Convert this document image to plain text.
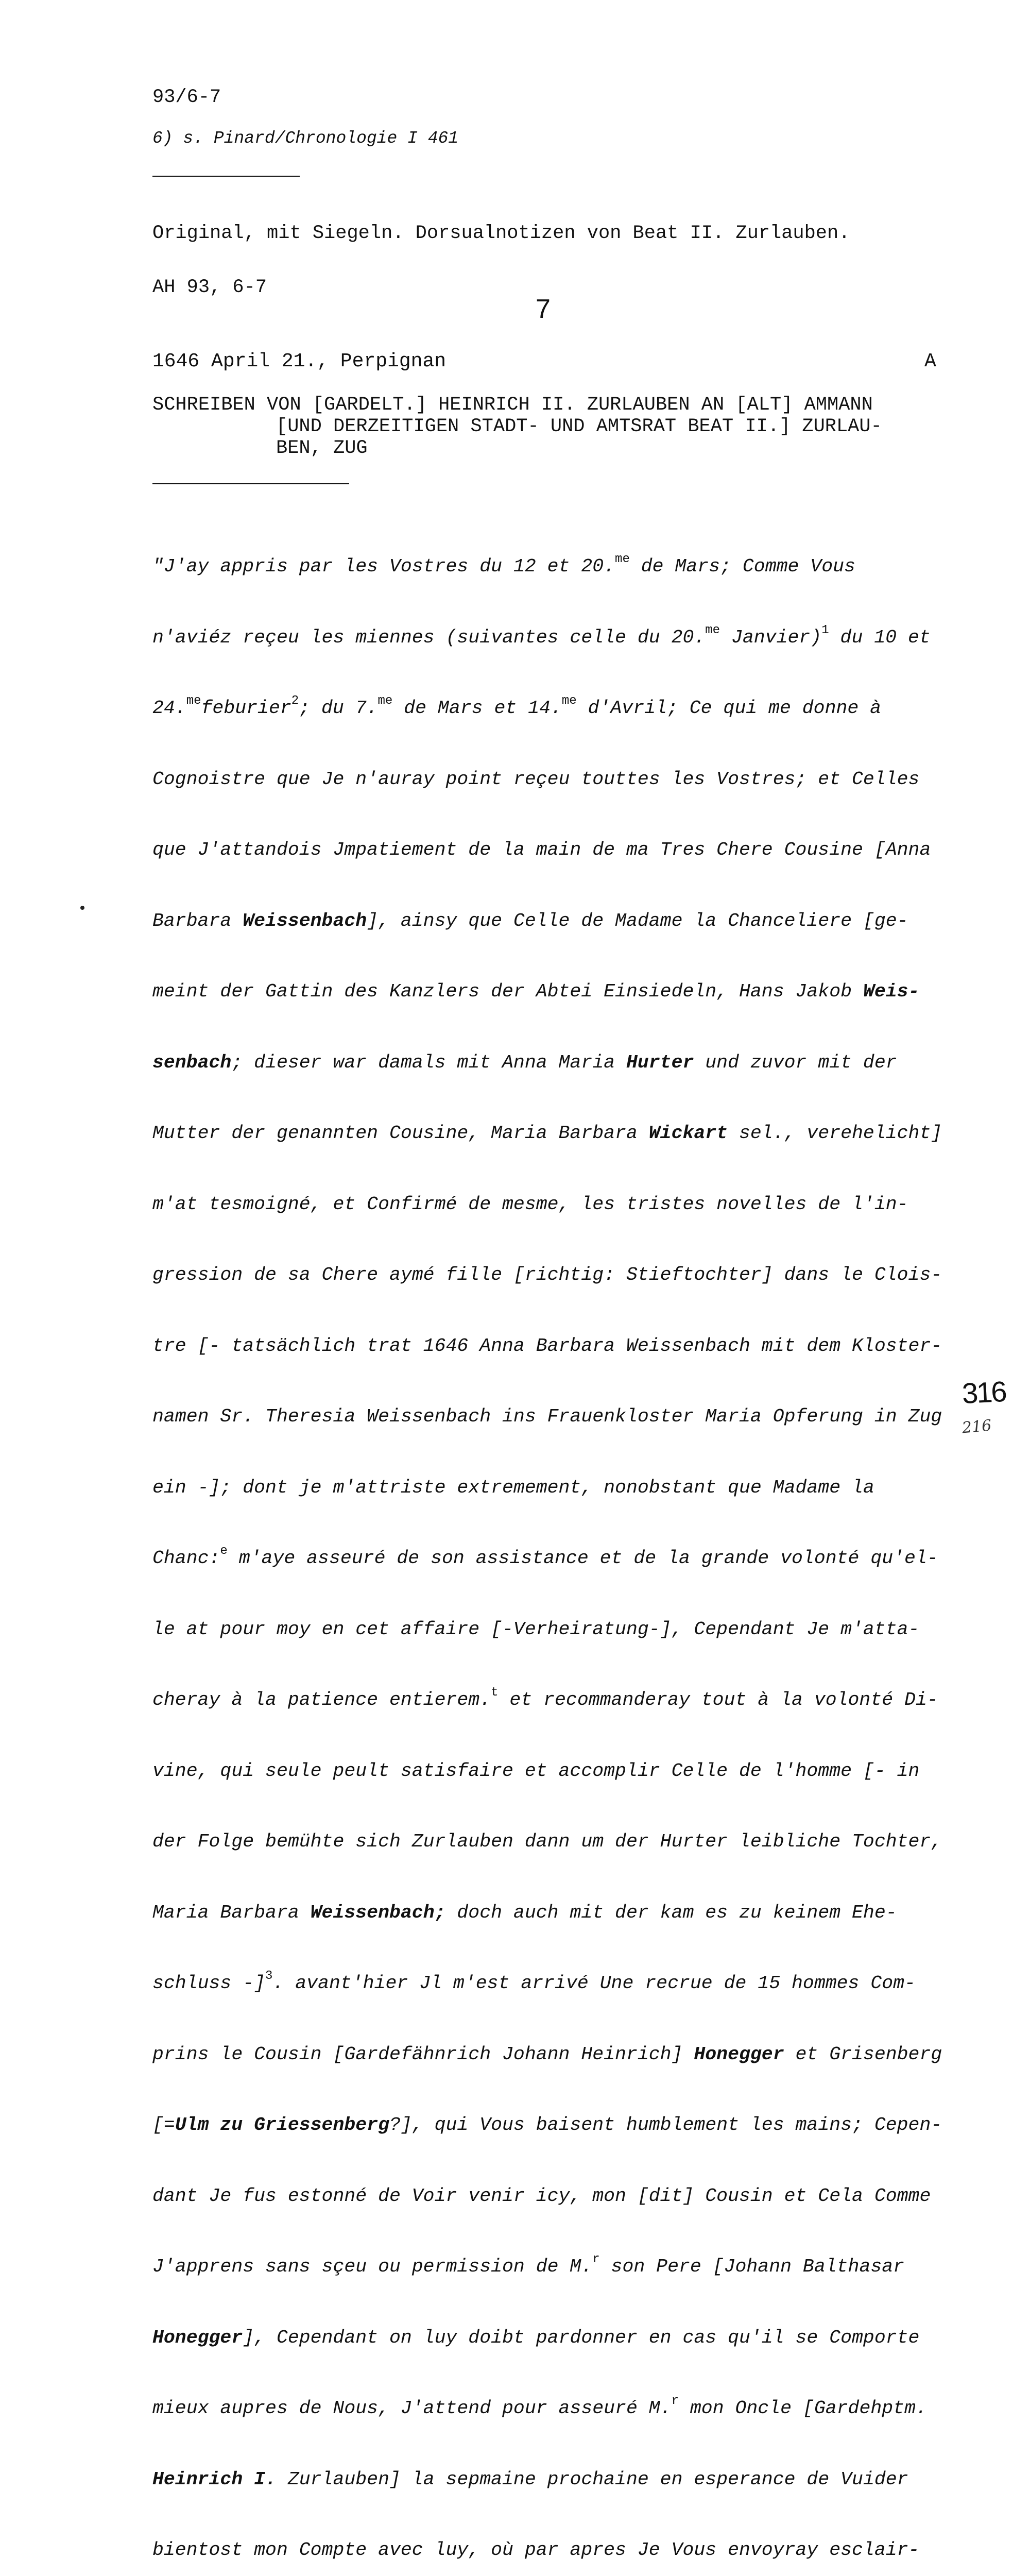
93/6-7
6) s. Pinard/Chronologie I 461

Original, mit Siegeln. Dorsualnotizen von Beat II. Zurlauben.

AH 93, 6-7

7
1646 April 21., Perpignan	A
SCHREIBEN VON [GARDELT.] HEINRICH II. ZURLAUBEN AN [ALT] AMMANN
[UND DERZEITIGEN STADT- UND AMTSRAT BEAT II.] ZURLAU-
BEN, ZUG

"J'ay appris par les Vostres du 12 et 20.$^{me}$ de Mars; Comme Vous

n'aviéz reçeu les miennes (suivantes celle du 20.$^{me}$ Janvier)$^1$ du 10 et

24.$^{me}$feburier$^2$; du 7.$^{me}$ de Mars et 14.$^{me}$ d'Avril; Ce qui me donne à

Cognoistre que Je n'auray point reçeu touttes les Vostres; et Celles

que J'attandois Jmpatiement de la main de ma Tres Chere Cousine [Anna

Barbara Weissenbach], ainsy que Celle de Madame la Chanceliere [ge-

meint der Gattin des Kanzlers der Abtei Einsiedeln, Hans Jakob Weis-

senbach; dieser war damals mit Anna Maria Hurter und zuvor mit der

Mutter der genannten Cousine, Maria Barbara Wickart sel., verehelicht]

m'at tesmoigné, et Confirmé de mesme, les tristes novelles de l'in-

gression de sa Chere aymé fille [richtig: Stieftochter] dans le Clois-

tre [- tatsächlich trat 1646 Anna Barbara Weissenbach mit dem Kloster-

namen Sr. Theresia Weissenbach ins Frauenkloster Maria Opferung in Zug

ein -]; dont je m'attriste extremement, nonobstant que Madame la

Chanc:$^e$ m'aye asseuré de son assistance et de la grande volonté qu'el-

le at pour moy en cet affaire [-Verheiratung-], Cependant Je m'atta-

cheray à la patience entierem.$^t$ et recommanderay tout à la volonté Di-

vine, qui seule peult satisfaire et accomplir Celle de l'homme [- in

der Folge bemühte sich Zurlauben dann um der Hurter leibliche Tochter,

Maria Barbara Weissenbach; doch auch mit der kam es zu keinem Ehe-

schluss -]$^3$. avant'hier Jl m'est arrivé Une recrue de 15 hommes Com-

prins le Cousin [Gardefähnrich Johann Heinrich] Honegger et Grisenberg

[=Ulm zu Griessenberg?], qui Vous baisent humblement les mains; Cepen-

dant Je fus estonné de Voir venir icy, mon [dit] Cousin et Cela Comme

J'apprens sans sçeu ou permission de M.$^r$ son Pere [Johann Balthasar

Honegger], Cependant on luy doibt pardonner en cas qu'il se Comporte

mieux aupres de Nous, J'attend pour asseuré M.$^r$ mon Oncle [Gardehptm.

Heinrich I. Zurlauben] la sepmaine prochaine en esperance de Vuider

bientost mon Compte avec luy, où par apres Je Vous envoyray esclair-

316
216
